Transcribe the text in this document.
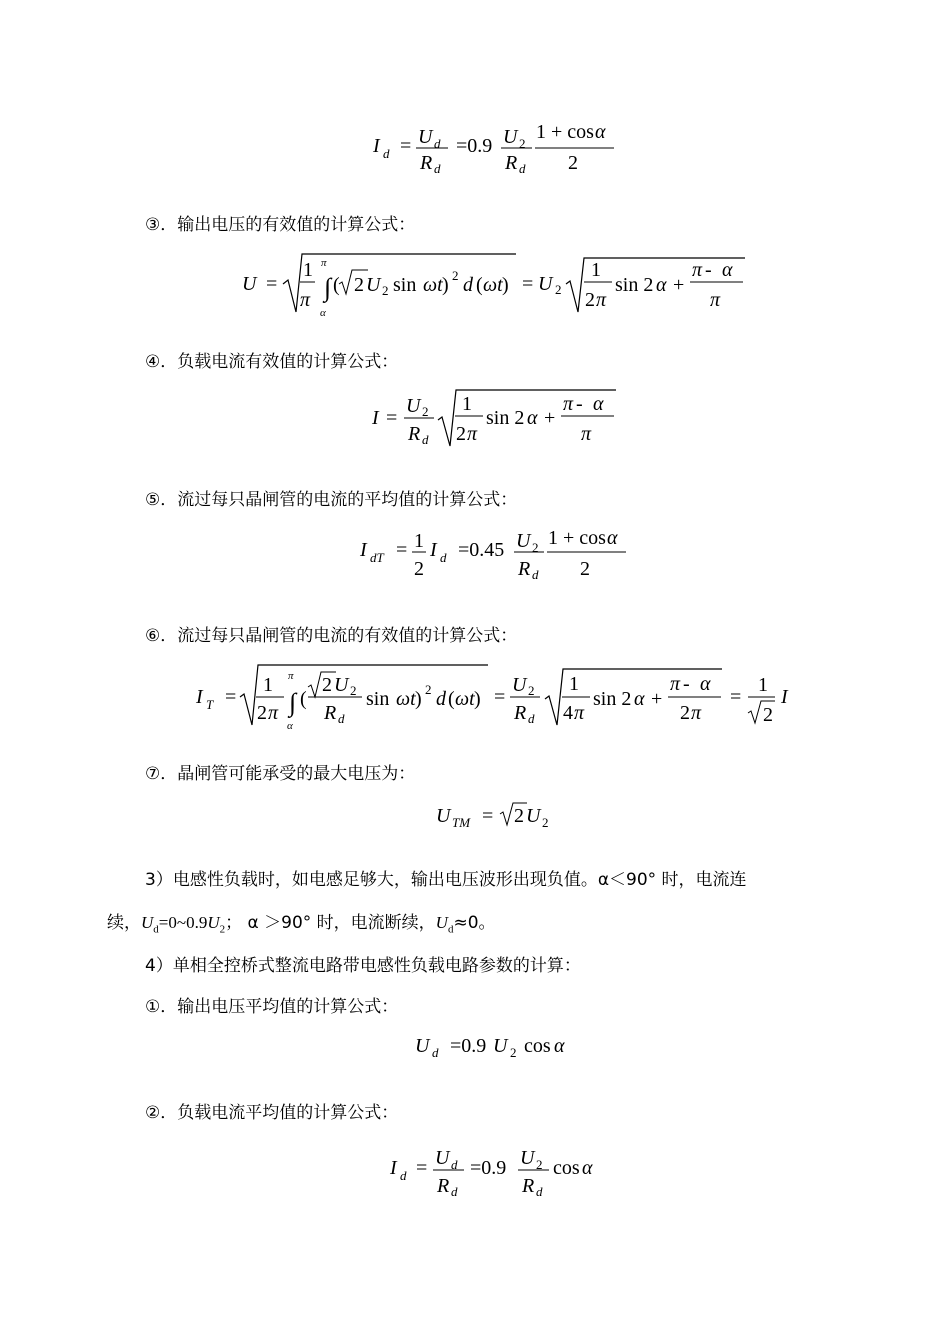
I d = U d
R d
=0.9 U 2
R d
1 + cos α
2
③．输出电压的有效值的计算公式：
U =
1
π ∫
π
α
( 2 U 2 sin ωt ) 2 d ( ωt ) = U 2
1
2 π
sin 2 α +
π - α
π
④．负载电流有效值的计算公式：
I =
U 2
R d
1
2 π
sin 2 α +
π - α
π
⑤．流过每只晶闸管的电流的平均值的计算公式：
I dT = 1
2
I d =0.45 U 2
R d
1 + cos α
2
⑥．流过每只晶闸管的电流的有效值的计算公式：
I T =
1
2 π ∫
π
α
(
2 U 2
R d
sin ωt ) 2 d ( ωt ) =
U 2
R d
1
4 π
sin 2 α +
π - α
2 π
=
1
2
I
⑦．晶闸管可能承受的最大电压为：
U TM = 2 U 2
3）电感性负载时，如电感足够大，输出电压波形出现负值。α＜90° 时，电流连
续，$U_d=0\sim 0.9U_2$； α ＞90° 时，电流断续，$U_d\approx 0$。
4）单相全控桥式整流电路带电感性负载电路参数的计算：
①．输出电压平均值的计算公式：
U d =0.9 U 2 cos α
②．负载电流平均值的计算公式：
I d = U d
R d
=0.9 U 2
R d
cos α
